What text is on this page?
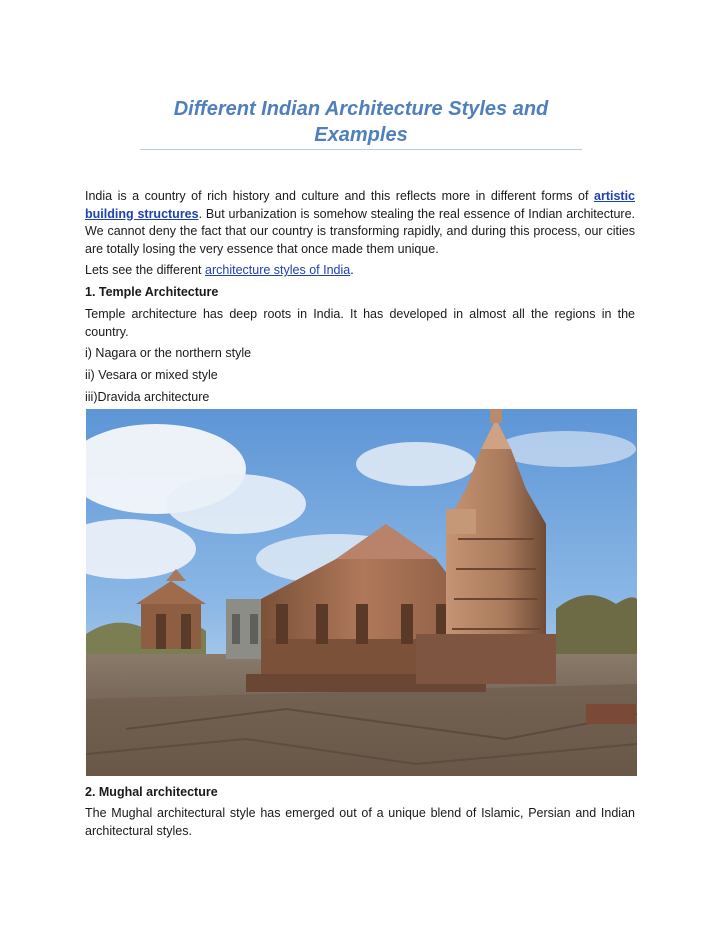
Different Indian Architecture Styles and
Examples

India is a country of rich history and culture and this reflects more in different forms of artistic building structures. But urbanization is somehow stealing the real essence of Indian architecture. We cannot deny the fact that our country is transforming rapidly, and during this process, our cities are totally losing the very essence that once made them unique.

Lets see the different architecture styles of India.

1. Temple Architecture

Temple architecture has deep roots in India. It has developed in almost all the regions in the country.

i) Nagara or the northern style

ii) Vesara or mixed style

iii)Dravida architecture

2. Mughal architecture

The Mughal architectural style has emerged out of a unique blend of Islamic, Persian and Indian architectural styles.
